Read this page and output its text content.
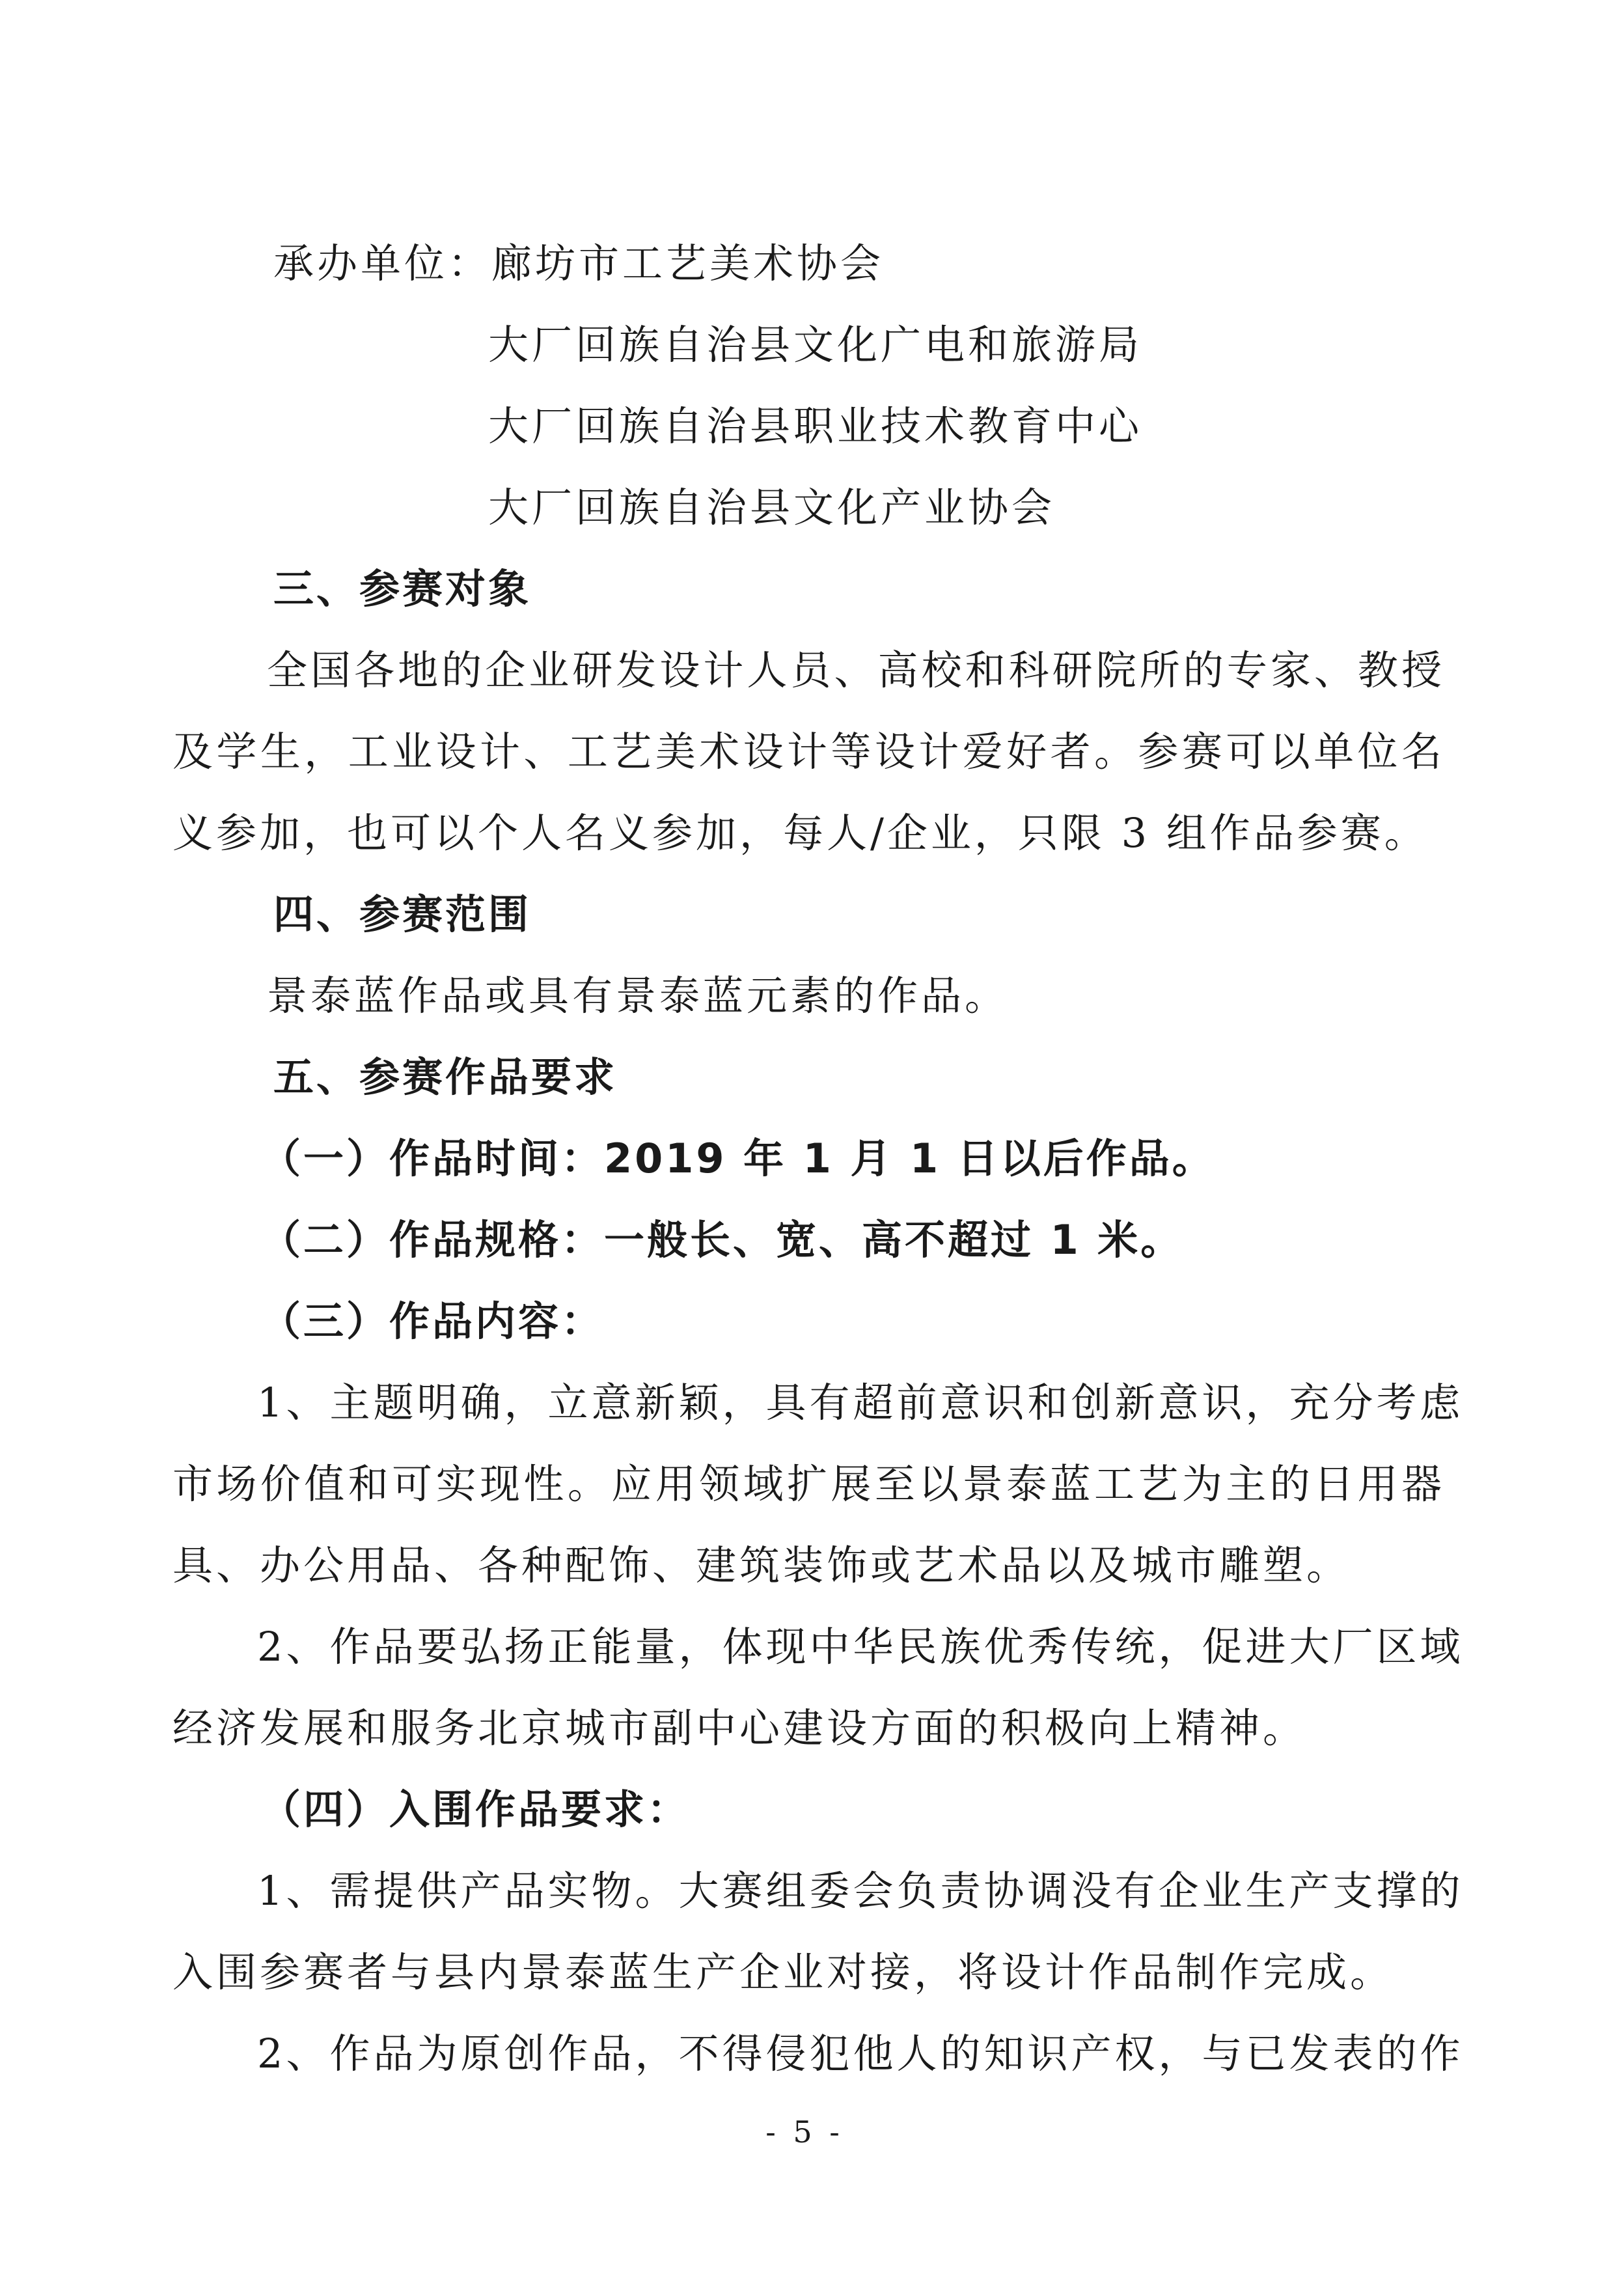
承办单位：廊坊市工艺美术协会
大厂回族自治县文化广电和旅游局
大厂回族自治县职业技术教育中心
大厂回族自治县文化产业协会
三、参赛对象
全国各地的企业研发设计人员、高校和科研院所的专家、教授
及学生，工业设计、工艺美术设计等设计爱好者。参赛可以单位名
义参加，也可以个人名义参加，每人/企业，只限 3 组作品参赛。
四、参赛范围
景泰蓝作品或具有景泰蓝元素的作品。
五、参赛作品要求
（一）作品时间：2019 年 1 月 1 日以后作品。
（二）作品规格：一般长、宽、高不超过 1 米。
（三）作品内容：
1、主题明确，立意新颖，具有超前意识和创新意识，充分考虑
市场价值和可实现性。应用领域扩展至以景泰蓝工艺为主的日用器
具、办公用品、各种配饰、建筑装饰或艺术品以及城市雕塑。
2、作品要弘扬正能量，体现中华民族优秀传统，促进大厂区域
经济发展和服务北京城市副中心建设方面的积极向上精神。
（四）入围作品要求：
1、需提供产品实物。大赛组委会负责协调没有企业生产支撑的
入围参赛者与县内景泰蓝生产企业对接，将设计作品制作完成。
2、作品为原创作品，不得侵犯他人的知识产权，与已发表的作
- 5 -
